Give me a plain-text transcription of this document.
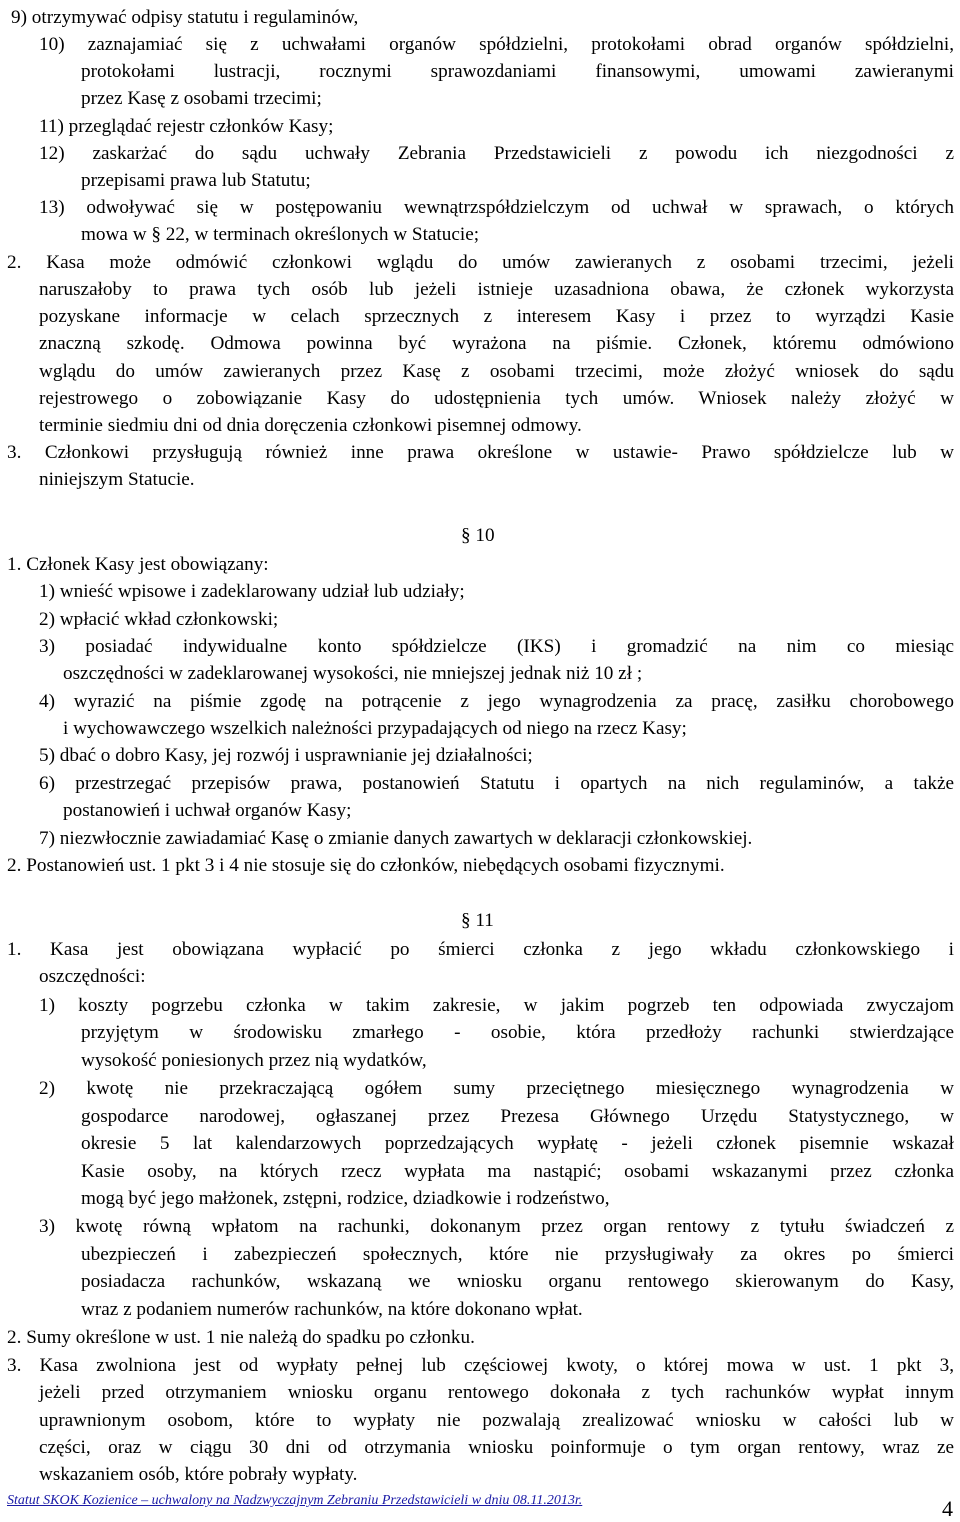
9) otrzymywać odpisy statutu i regulaminów,
10) zaznajamiać się z uchwałami organów spółdzielni, protokołami obrad organów spółdzielni,
protokołami lustracji, rocznymi sprawozdaniami finansowymi, umowami zawieranymi
przez Kasę z osobami trzecimi;
11) przeglądać rejestr członków Kasy;
12) zaskarżać do sądu uchwały Zebrania Przedstawicieli z powodu ich niezgodności z
przepisami prawa lub Statutu;
13) odwoływać się w postępowaniu wewnątrzspółdzielczym od uchwał w sprawach, o których
mowa w § 22, w terminach określonych w Statucie;
2. Kasa może odmówić członkowi wglądu do umów zawieranych z osobami trzecimi, jeżeli
naruszałoby to prawa tych osób lub jeżeli istnieje uzasadniona obawa, że członek wykorzysta
pozyskane informacje w celach sprzecznych z interesem Kasy i przez to wyrządzi Kasie
znaczną szkodę. Odmowa powinna być wyrażona na piśmie. Członek, któremu odmówiono
wglądu do umów zawieranych przez Kasę z osobami trzecimi, może złożyć wniosek do sądu
rejestrowego o zobowiązanie Kasy do udostępnienia tych umów. Wniosek należy złożyć w
terminie siedmiu dni od dnia doręczenia członkowi pisemnej odmowy.
3. Członkowi przysługują również inne prawa określone w ustawie- Prawo spółdzielcze lub w
niniejszym Statucie.
§ 10
1. Członek Kasy jest obowiązany:
1) wnieść wpisowe i zadeklarowany udział lub udziały;
2) wpłacić wkład członkowski;
3) posiadać indywidualne konto spółdzielcze (IKS) i gromadzić na nim co miesiąc
oszczędności w zadeklarowanej wysokości, nie mniejszej jednak niż 10 zł ;
4) wyrazić na piśmie zgodę na potrącenie z jego wynagrodzenia za pracę, zasiłku chorobowego
i wychowawczego wszelkich należności przypadających od niego na rzecz Kasy;
5) dbać o dobro Kasy, jej rozwój i usprawnianie jej działalności;
6) przestrzegać przepisów prawa, postanowień Statutu i opartych na nich regulaminów, a także
postanowień i uchwał organów Kasy;
7) niezwłocznie zawiadamiać Kasę o zmianie danych zawartych w deklaracji członkowskiej.
2. Postanowień ust. 1 pkt 3 i 4 nie stosuje się do członków, niebędących osobami fizycznymi.
§ 11
1. Kasa jest obowiązana wypłacić po śmierci członka z jego wkładu członkowskiego i
oszczędności:
1) koszty pogrzebu członka w takim zakresie, w jakim pogrzeb ten odpowiada zwyczajom
przyjętym w środowisku zmarłego - osobie, która przedłoży rachunki stwierdzające
wysokość poniesionych przez nią wydatków,
2) kwotę nie przekraczającą ogółem sumy przeciętnego miesięcznego wynagrodzenia w
gospodarce narodowej, ogłaszanej przez Prezesa Głównego Urzędu Statystycznego, w
okresie 5 lat kalendarzowych poprzedzających wypłatę - jeżeli członek pisemnie wskazał
Kasie osoby, na których rzecz wypłata ma nastąpić; osobami wskazanymi przez członka
mogą być jego małżonek, zstępni, rodzice, dziadkowie i rodzeństwo,
3) kwotę równą wpłatom na rachunki, dokonanym przez organ rentowy z tytułu świadczeń z
ubezpieczeń i zabezpieczeń społecznych, które nie przysługiwały za okres po śmierci
posiadacza rachunków, wskazaną we wniosku organu rentowego skierowanym do Kasy,
wraz z podaniem numerów rachunków, na które dokonano wpłat.
2. Sumy określone w ust. 1 nie należą do spadku po członku.
3. Kasa zwolniona jest od wypłaty pełnej lub częściowej kwoty, o której mowa w ust. 1 pkt 3,
jeżeli przed otrzymaniem wniosku organu rentowego dokonała z tych rachunków wypłat innym
uprawnionym osobom, które to wypłaty nie pozwalają zrealizować wniosku w całości lub w
części, oraz w ciągu 30 dni od otrzymania wniosku poinformuje o tym organ rentowy, wraz ze
wskazaniem osób, które pobrały wypłaty.
Statut SKOK Kozienice – uchwalony na Nadzwyczajnym Zebraniu Przedstawicieli w dniu 08.11.2013r.	4
